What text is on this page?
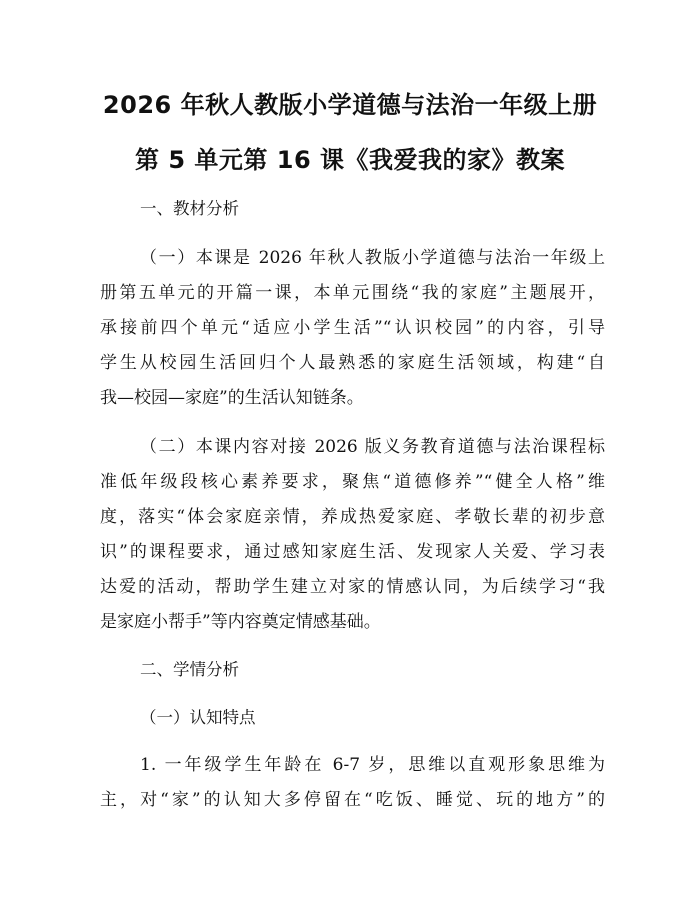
2026 年秋人教版小学道德与法治一年级上册
第 5 单元第 16 课《我爱我的家》教案
一、教材分析
（一）本课是 2026 年秋人教版小学道德与法治一年级上
册第五单元的开篇一课，本单元围绕“我的家庭”主题展开，
承接前四个单元“适应小学生活”“认识校园”的内容，引导
学生从校园生活回归个人最熟悉的家庭生活领域，构建“自
我—校园—家庭”的生活认知链条。
（二）本课内容对接 2026 版义务教育道德与法治课程标
准低年级段核心素养要求，聚焦“道德修养”“健全人格”维
度，落实“体会家庭亲情，养成热爱家庭、孝敬长辈的初步意
识”的课程要求，通过感知家庭生活、发现家人关爱、学习表
达爱的活动，帮助学生建立对家的情感认同，为后续学习“我
是家庭小帮手”等内容奠定情感基础。
二、学情分析
（一）认知特点
1. 一年级学生年龄在 6-7 岁，思维以直观形象思维为
主，对“家”的认知大多停留在“吃饭、睡觉、玩的地方”的
